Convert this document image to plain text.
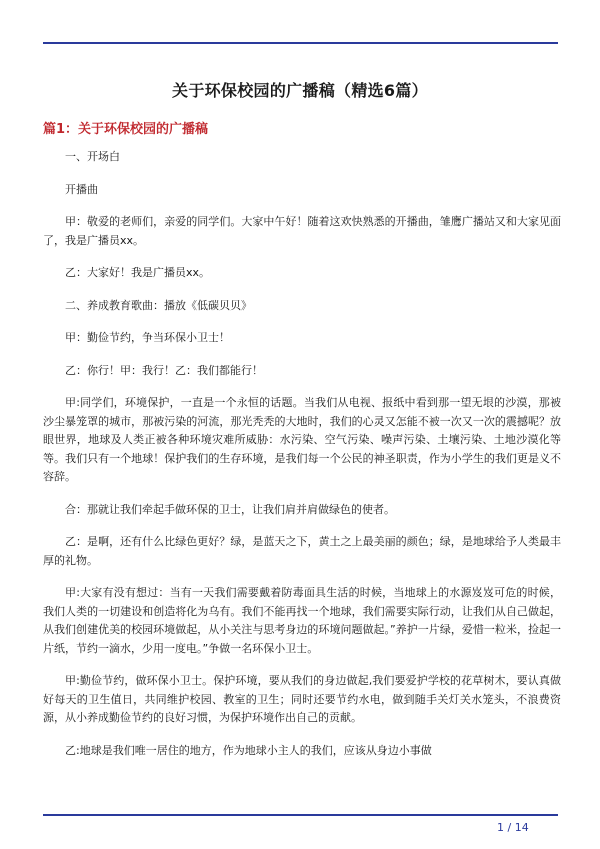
关于环保校园的广播稿（精选6篇）
篇1：关于环保校园的广播稿

一、开场白

开播曲

甲：敬爱的老师们，亲爱的同学们。大家中午好！随着这欢快熟悉的开播曲，雏鹰广播站又和大家见面了，我是广播员xx。

乙：大家好！我是广播员xx。

二、养成教育歌曲：播放《低碳贝贝》

甲：勤俭节约，争当环保小卫士！

乙：你行！甲：我行！乙：我们都能行！

甲:同学们，环境保护，一直是一个永恒的话题。当我们从电视、报纸中看到那一望无垠的沙漠，那被沙尘暴笼罩的城市，那被污染的河流，那光秃秃的大地时，我们的心灵又怎能不被一次又一次的震撼呢？放眼世界，地球及人类正被各种环境灾难所威胁：水污染、空气污染、噪声污染、土壤污染、土地沙漠化等等。我们只有一个地球！保护我们的生存环境，是我们每一个公民的神圣职责，作为小学生的我们更是义不容辞。

合：那就让我们牵起手做环保的卫士，让我们肩并肩做绿色的使者。

乙：是啊，还有什么比绿色更好？绿，是蓝天之下，黄土之上最美丽的颜色；绿，是地球给予人类最丰厚的礼物。

甲:大家有没有想过：当有一天我们需要戴着防毒面具生活的时候，当地球上的水源岌岌可危的时候，我们人类的一切建设和创造将化为乌有。我们不能再找一个地球，我们需要实际行动，让我们从自己做起，从我们创建优美的校园环境做起，从小关注与思考身边的环境问题做起。”养护一片绿，爱惜一粒米，捡起一片纸，节约一滴水，少用一度电。”争做一名环保小卫士。

甲:勤俭节约，做环保小卫士。保护环境，要从我们的身边做起,我们要爱护学校的花草树木，要认真做好每天的卫生值日，共同维护校园、教室的卫生；同时还要节约水电，做到随手关灯关水笼头，不浪费资源，从小养成勤俭节约的良好习惯，为保护环境作出自己的贡献。

乙:地球是我们唯一居住的地方，作为地球小主人的我们，应该从身边小事做

1 / 14
